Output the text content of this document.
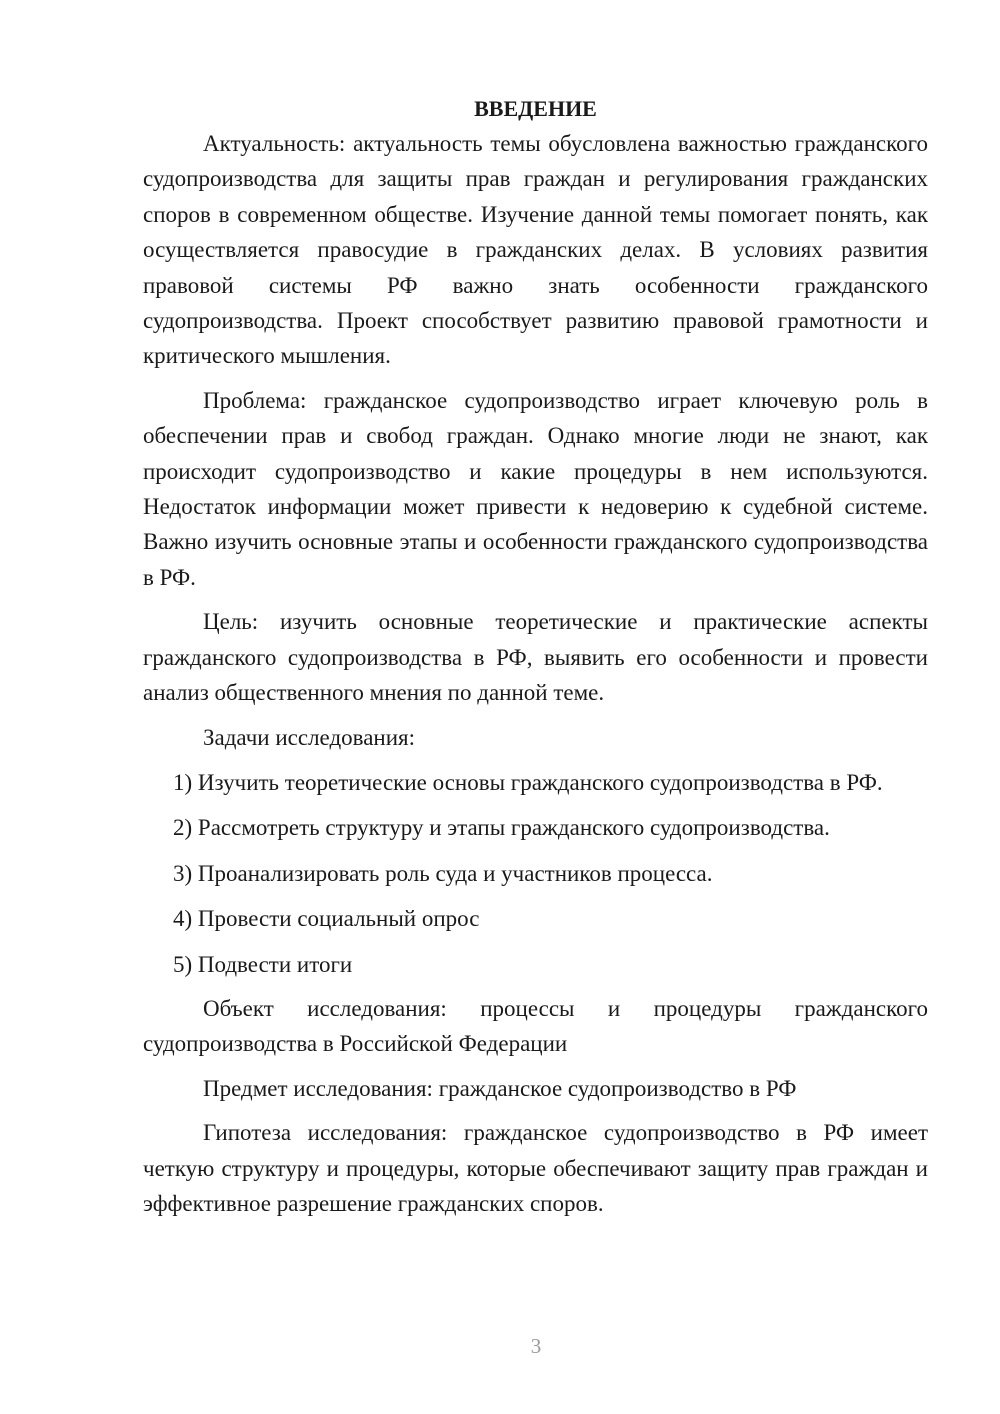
ВВЕДЕНИЕ

Актуальность: актуальность темы обусловлена важностью гражданского судопроизводства для защиты прав граждан и регулирования гражданских споров в современном обществе. Изучение данной темы помогает понять, как осуществляется правосудие в гражданских делах. В условиях развития правовой системы РФ важно знать особенности гражданского судопроизводства. Проект способствует развитию правовой грамотности и критического мышления.

Проблема: гражданское судопроизводство играет ключевую роль в обеспечении прав и свобод граждан. Однако многие люди не знают, как происходит судопроизводство и какие процедуры в нем используются. Недостаток информации может привести к недоверию к судебной системе. Важно изучить основные этапы и особенности гражданского судопроизводства в РФ.

Цель: изучить основные теоретические и практические аспекты гражданского судопроизводства в РФ, выявить его особенности и провести анализ общественного мнения по данной теме.

Задачи исследования:

1) Изучить теоретические основы гражданского судопроизводства в РФ.

2) Рассмотреть структуру и этапы гражданского судопроизводства.

3) Проанализировать роль суда и участников процесса.

4) Провести социальный опрос

5) Подвести итоги

Объект исследования: процессы и процедуры гражданского судопроизводства в Российской Федерации

Предмет исследования: гражданское судопроизводство в РФ

Гипотеза исследования: гражданское судопроизводство в РФ имеет четкую структуру и процедуры, которые обеспечивают защиту прав граждан и эффективное разрешение гражданских споров.

3
